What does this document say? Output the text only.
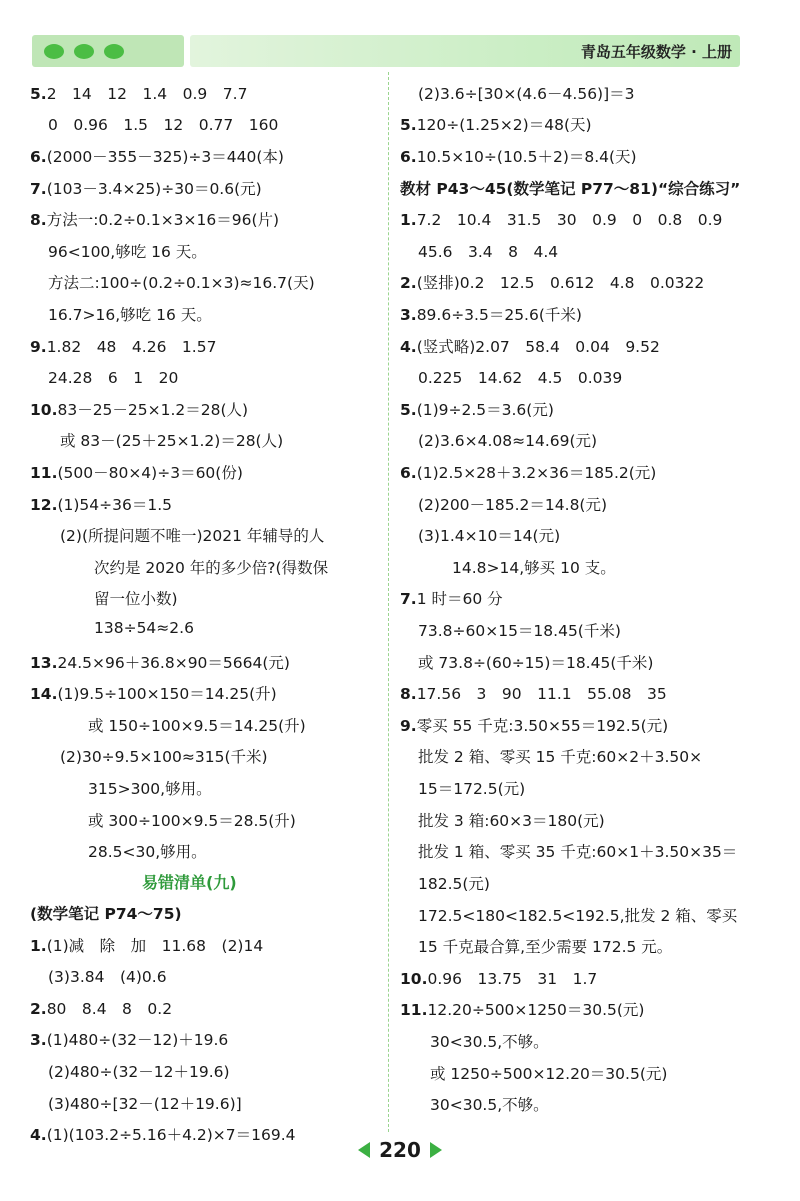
青岛五年级数学 · 上册
易错清单(九)
5.2　14　12　1.4　0.9　7.7
0　0.96　1.5　12　0.77　160
6.(2000－355－325)÷3＝440(本)
7.(103－3.4×25)÷30＝0.6(元)
8.方法一:0.2÷0.1×3×16＝96(片)
96<100,够吃 16 天。
方法二:100÷(0.2÷0.1×3)≈16.7(天)
16.7>16,够吃 16 天。
9.1.82　48　4.26　1.57
24.28　6　1　20
10.83－25－25×1.2＝28(人)
或 83－(25＋25×1.2)＝28(人)
11.(500－80×4)÷3＝60(份)
12.(1)54÷36＝1.5
(2)(所提问题不唯一)2021 年辅导的人
次约是 2020 年的多少倍?(得数保
留一位小数)
138÷54≈2.6
13.24.5×96＋36.8×90＝5664(元)
14.(1)9.5÷100×150＝14.25(升)
或 150÷100×9.5＝14.25(升)
(2)30÷9.5×100≈315(千米)
315>300,够用。
或 300÷100×9.5＝28.5(升)
28.5<30,够用。
(数学笔记 P74～75)
1.(1)减　除　加　11.68　(2)14
(3)3.84　(4)0.6
2.80　8.4　8　0.2
3.(1)480÷(32－12)＋19.6
(2)480÷(32－12＋19.6)
(3)480÷[32－(12＋19.6)]
4.(1)(103.2÷5.16＋4.2)×7＝169.4
(2)3.6÷[30×(4.6－4.56)]＝3
5.120÷(1.25×2)＝48(天)
6.10.5×10÷(10.5＋2)＝8.4(天)
教材 P43～45(数学笔记 P77～81)“综合练习”
1.7.2　10.4　31.5　30　0.9　0　0.8　0.9
45.6　3.4　8　4.4
2.(竖排)0.2　12.5　0.612　4.8　0.0322
3.89.6÷3.5＝25.6(千米)
4.(竖式略)2.07　58.4　0.04　9.52
0.225　14.62　4.5　0.039
5.(1)9÷2.5＝3.6(元)
(2)3.6×4.08≈14.69(元)
6.(1)2.5×28＋3.2×36＝185.2(元)
(2)200－185.2＝14.8(元)
(3)1.4×10＝14(元)
14.8>14,够买 10 支。
7.1 时＝60 分
73.8÷60×15＝18.45(千米)
或 73.8÷(60÷15)＝18.45(千米)
8.17.56　3　90　11.1　55.08　35
9.零买 55 千克:3.50×55＝192.5(元)
批发 2 箱、零买 15 千克:60×2＋3.50×
15＝172.5(元)
批发 3 箱:60×3＝180(元)
批发 1 箱、零买 35 千克:60×1＋3.50×35＝
182.5(元)
172.5<180<182.5<192.5,批发 2 箱、零买
15 千克最合算,至少需要 172.5 元。
10.0.96　13.75　31　1.7
11.12.20÷500×1250＝30.5(元)
30<30.5,不够。
或 1250÷500×12.20＝30.5(元)
30<30.5,不够。
220
